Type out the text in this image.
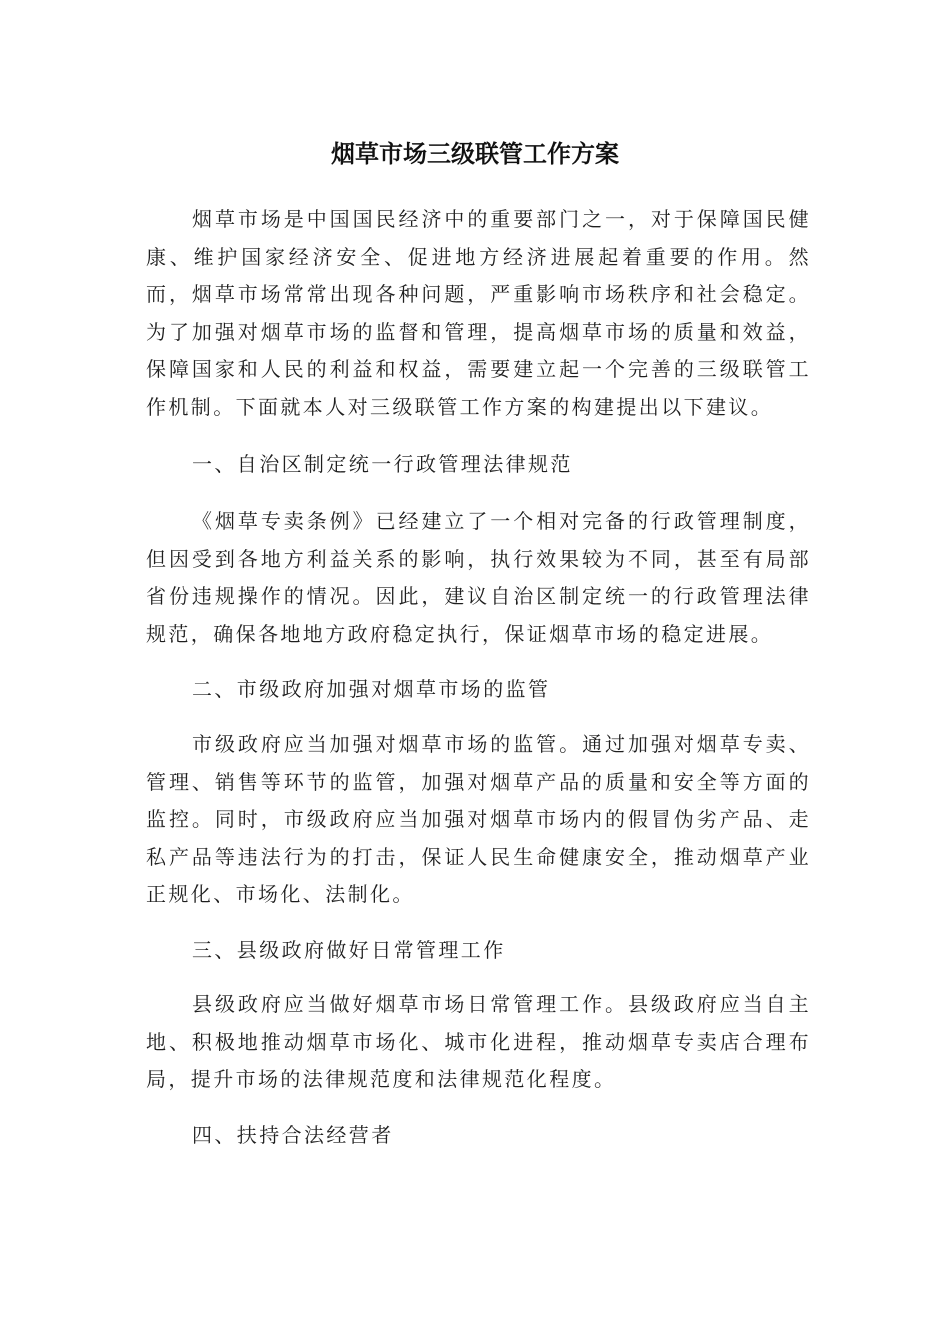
烟草市场三级联管工作方案

烟草市场是中国国民经济中的重要部门之一，对于保障国民健康、维护国家经济安全、促进地方经济进展起着重要的作用。然而，烟草市场常常出现各种问题，严重影响市场秩序和社会稳定。为了加强对烟草市场的监督和管理，提高烟草市场的质量和效益，保障国家和人民的利益和权益，需要建立起一个完善的三级联管工作机制。下面就本人对三级联管工作方案的构建提出以下建议。

一、自治区制定统一行政管理法律规范

《烟草专卖条例》已经建立了一个相对完备的行政管理制度，但因受到各地方利益关系的影响，执行效果较为不同，甚至有局部省份违规操作的情况。因此，建议自治区制定统一的行政管理法律规范，确保各地地方政府稳定执行，保证烟草市场的稳定进展。

二、市级政府加强对烟草市场的监管

市级政府应当加强对烟草市场的监管。通过加强对烟草专卖、管理、销售等环节的监管，加强对烟草产品的质量和安全等方面的监控。同时，市级政府应当加强对烟草市场内的假冒伪劣产品、走私产品等违法行为的打击，保证人民生命健康安全，推动烟草产业正规化、市场化、法制化。

三、县级政府做好日常管理工作

县级政府应当做好烟草市场日常管理工作。县级政府应当自主地、积极地推动烟草市场化、城市化进程，推动烟草专卖店合理布局，提升市场的法律规范度和法律规范化程度。

四、扶持合法经营者
